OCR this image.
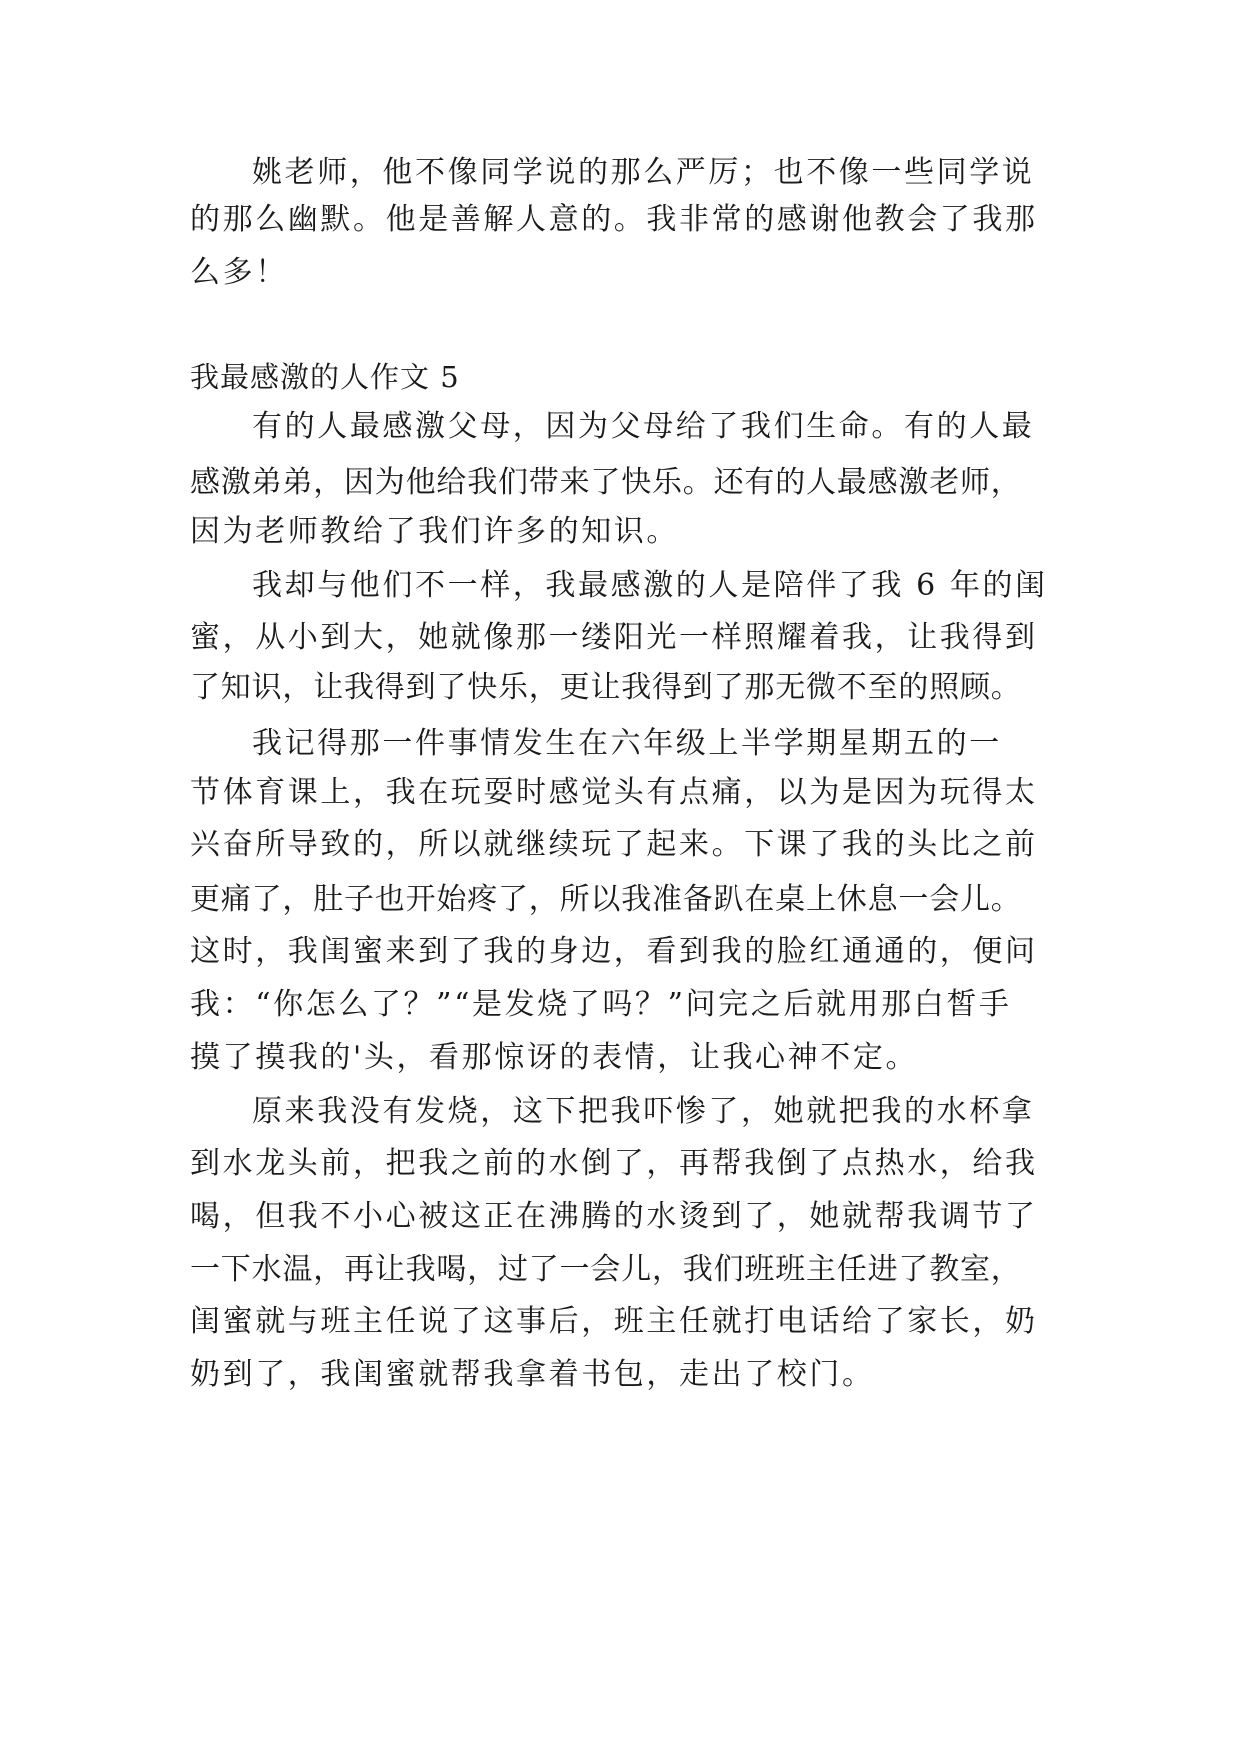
姚老师，他不像同学说的那么严厉；也不像一些同学说
的那么幽默。他是善解人意的。我非常的感谢他教会了我那
么多！
我最感激的人作文 5
有的人最感激父母，因为父母给了我们生命。有的人最
感激弟弟，因为他给我们带来了快乐。还有的人最感激老师，
因为老师教给了我们许多的知识。
我却与他们不一样，我最感激的人是陪伴了我 6 年的闺
蜜，从小到大，她就像那一缕阳光一样照耀着我，让我得到
了知识，让我得到了快乐，更让我得到了那无微不至的照顾。
我记得那一件事情发生在六年级上半学期星期五的一
节体育课上，我在玩耍时感觉头有点痛，以为是因为玩得太
兴奋所导致的，所以就继续玩了起来。下课了我的头比之前
更痛了，肚子也开始疼了，所以我准备趴在桌上休息一会儿。
这时，我闺蜜来到了我的身边，看到我的脸红通通的，便问
我：“你怎么了？”“是发烧了吗？”问完之后就用那白皙手
摸了摸我的'头，看那惊讶的表情，让我心神不定。
原来我没有发烧，这下把我吓惨了，她就把我的水杯拿
到水龙头前，把我之前的水倒了，再帮我倒了点热水，给我
喝，但我不小心被这正在沸腾的水烫到了，她就帮我调节了
一下水温，再让我喝，过了一会儿，我们班班主任进了教室，
闺蜜就与班主任说了这事后，班主任就打电话给了家长，奶
奶到了，我闺蜜就帮我拿着书包，走出了校门。
